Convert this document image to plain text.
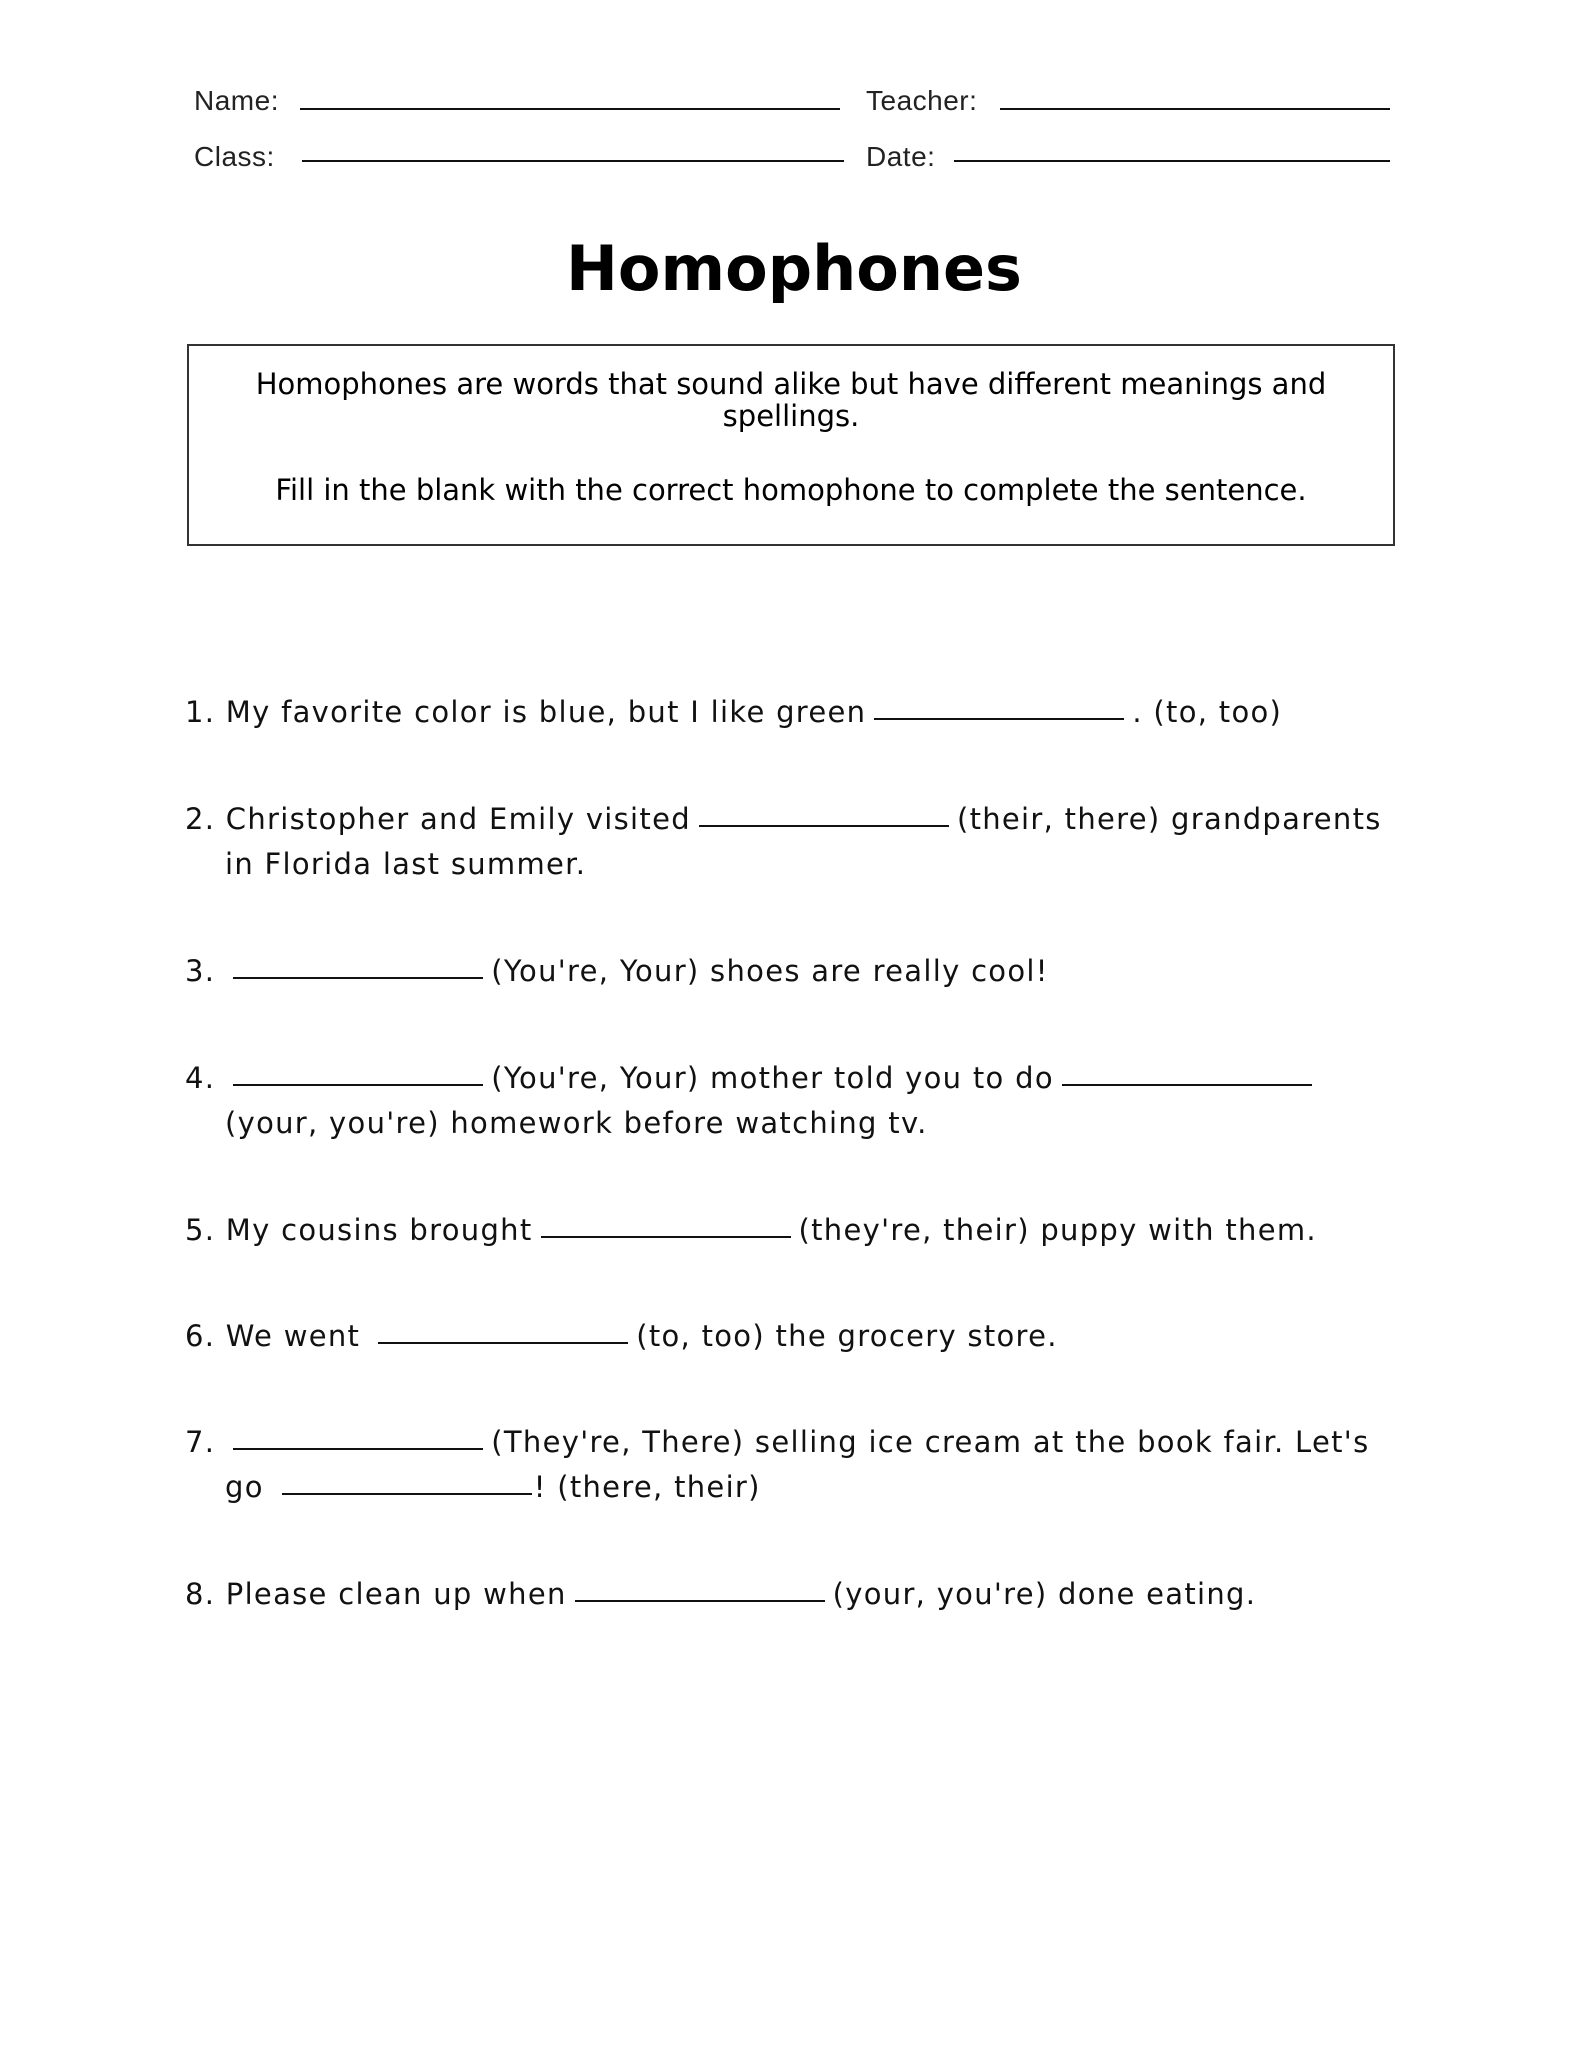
Name:	Teacher:
Class:	Date:
Homophones
Homophones are words that sound alike but have different meanings and spellings.
Fill in the blank with the correct homophone to complete the sentence.
1. My favorite color is blue, but I like green	. (to, too)
2. Christopher and Emily visited	(their, there) grandparents
in Florida last summer.
3.	(You're, Your) shoes are really cool!
4.	(You're, Your) mother told you to do
(your, you're) homework before watching tv.
5. My cousins brought	(they're, their) puppy with them.
6. We went	(to, too) the grocery store.
7.	(They're, There) selling ice cream at the book fair. Let's
go	! (there, their)
8. Please clean up when	(your, you're) done eating.
